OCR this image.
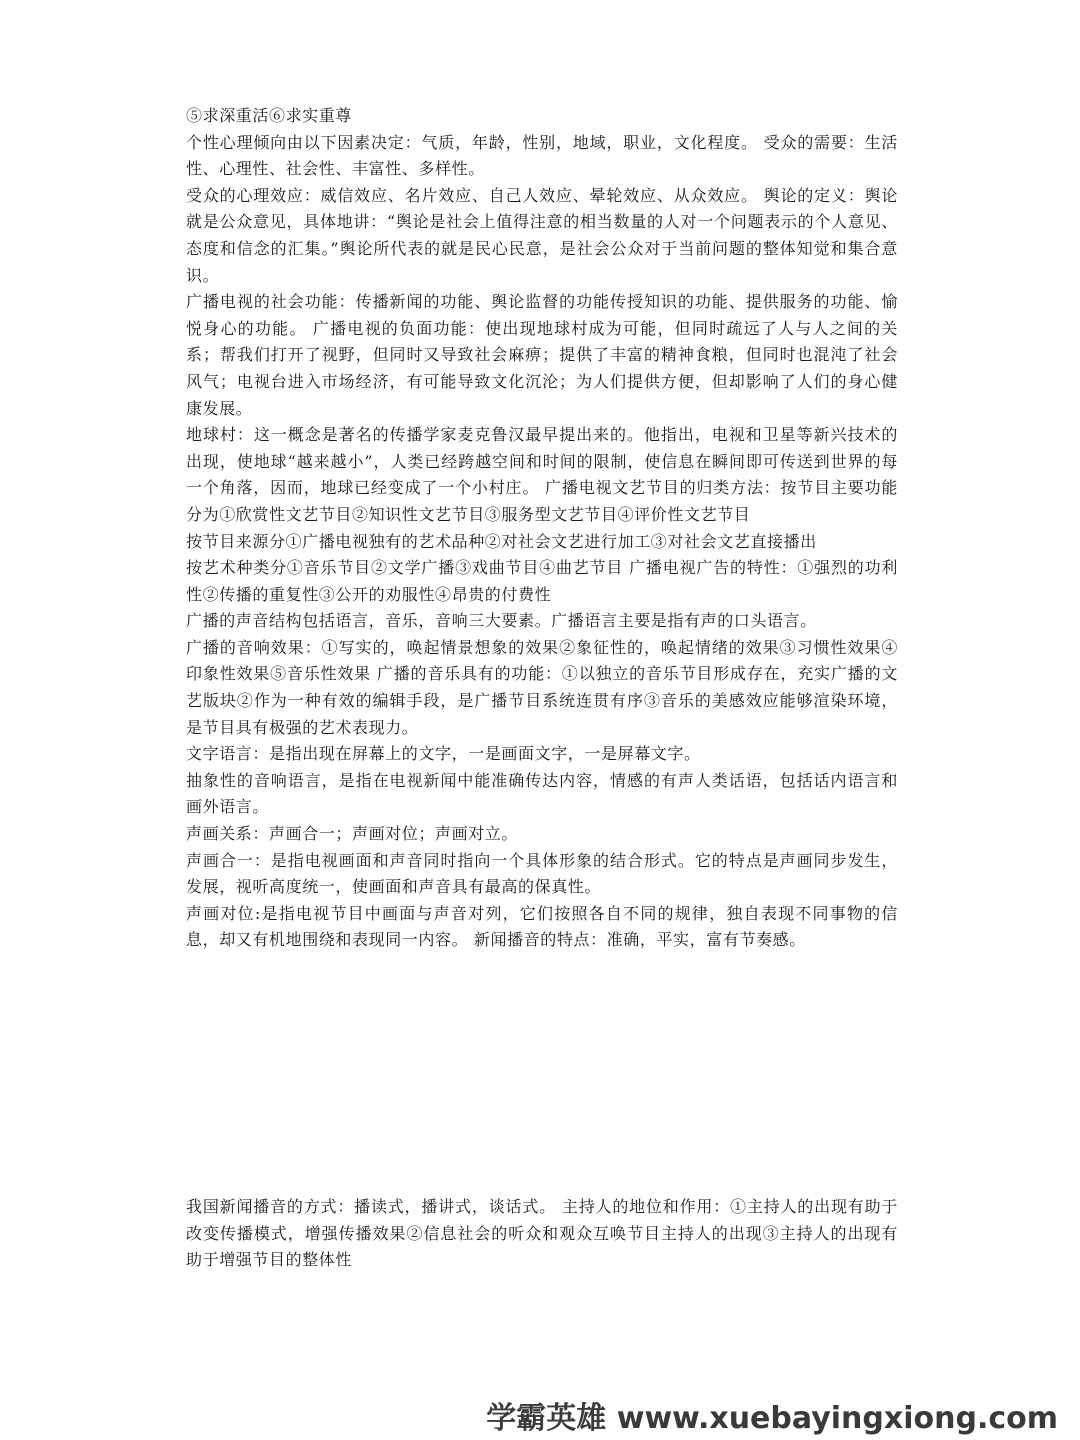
⑤求深重活⑥求实重尊

个性心理倾向由以下因素决定：气质，年龄，性别，地域，职业，文化程度。 受众的需要：生活性、心理性、社会性、丰富性、多样性。

受众的心理效应：威信效应、名片效应、自己人效应、晕轮效应、从众效应。 舆论的定义：舆论就是公众意见，具体地讲：“舆论是社会上值得注意的相当数量的人对一个问题表示的个人意见、态度和信念的汇集。”舆论所代表的就是民心民意，是社会公众对于当前问题的整体知觉和集合意识。

广播电视的社会功能：传播新闻的功能、舆论监督的功能传授知识的功能、提供服务的功能、愉悦身心的功能。 广播电视的负面功能：使出现地球村成为可能，但同时疏远了人与人之间的关系；帮我们打开了视野，但同时又导致社会麻痹；提供了丰富的精神食粮，但同时也混沌了社会风气；电视台进入市场经济，有可能导致文化沉沦；为人们提供方便，但却影响了人们的身心健康发展。

地球村：这一概念是著名的传播学家麦克鲁汉最早提出来的。他指出，电视和卫星等新兴技术的出现，使地球“越来越小”，人类已经跨越空间和时间的限制，使信息在瞬间即可传送到世界的每一个角落，因而，地球已经变成了一个小村庄。 广播电视文艺节目的归类方法：按节目主要功能分为①欣赏性文艺节目②知识性文艺节目③服务型文艺节目④评价性文艺节目

按节目来源分①广播电视独有的艺术品种②对社会文艺进行加工③对社会文艺直接播出

按艺术种类分①音乐节目②文学广播③戏曲节目④曲艺节目 广播电视广告的特性：①强烈的功利性②传播的重复性③公开的劝服性④昂贵的付费性

广播的声音结构包括语言，音乐，音响三大要素。广播语言主要是指有声的口头语言。

广播的音响效果：①写实的，唤起情景想象的效果②象征性的，唤起情绪的效果③习惯性效果④印象性效果⑤音乐性效果 广播的音乐具有的功能：①以独立的音乐节目形成存在，充实广播的文艺版块②作为一种有效的编辑手段，是广播节目系统连贯有序③音乐的美感效应能够渲染环境，是节目具有极强的艺术表现力。

文字语言：是指出现在屏幕上的文字，一是画面文字，一是屏幕文字。

抽象性的音响语言，是指在电视新闻中能准确传达内容，情感的有声人类话语，包括话内语言和画外语言。

声画关系：声画合一；声画对位；声画对立。

声画合一：是指电视画面和声音同时指向一个具体形象的结合形式。它的特点是声画同步发生，发展，视听高度统一，使画面和声音具有最高的保真性。

声画对位:是指电视节目中画面与声音对列，它们按照各自不同的规律，独自表现不同事物的信息，却又有机地围绕和表现同一内容。 新闻播音的特点：准确，平实，富有节奏感。

我国新闻播音的方式：播读式，播讲式，谈话式。 主持人的地位和作用：①主持人的出现有助于改变传播模式，增强传播效果②信息社会的听众和观众互唤节目主持人的出现③主持人的出现有助于增强节目的整体性

学霸英雄 www.xuebayingxiong.com
